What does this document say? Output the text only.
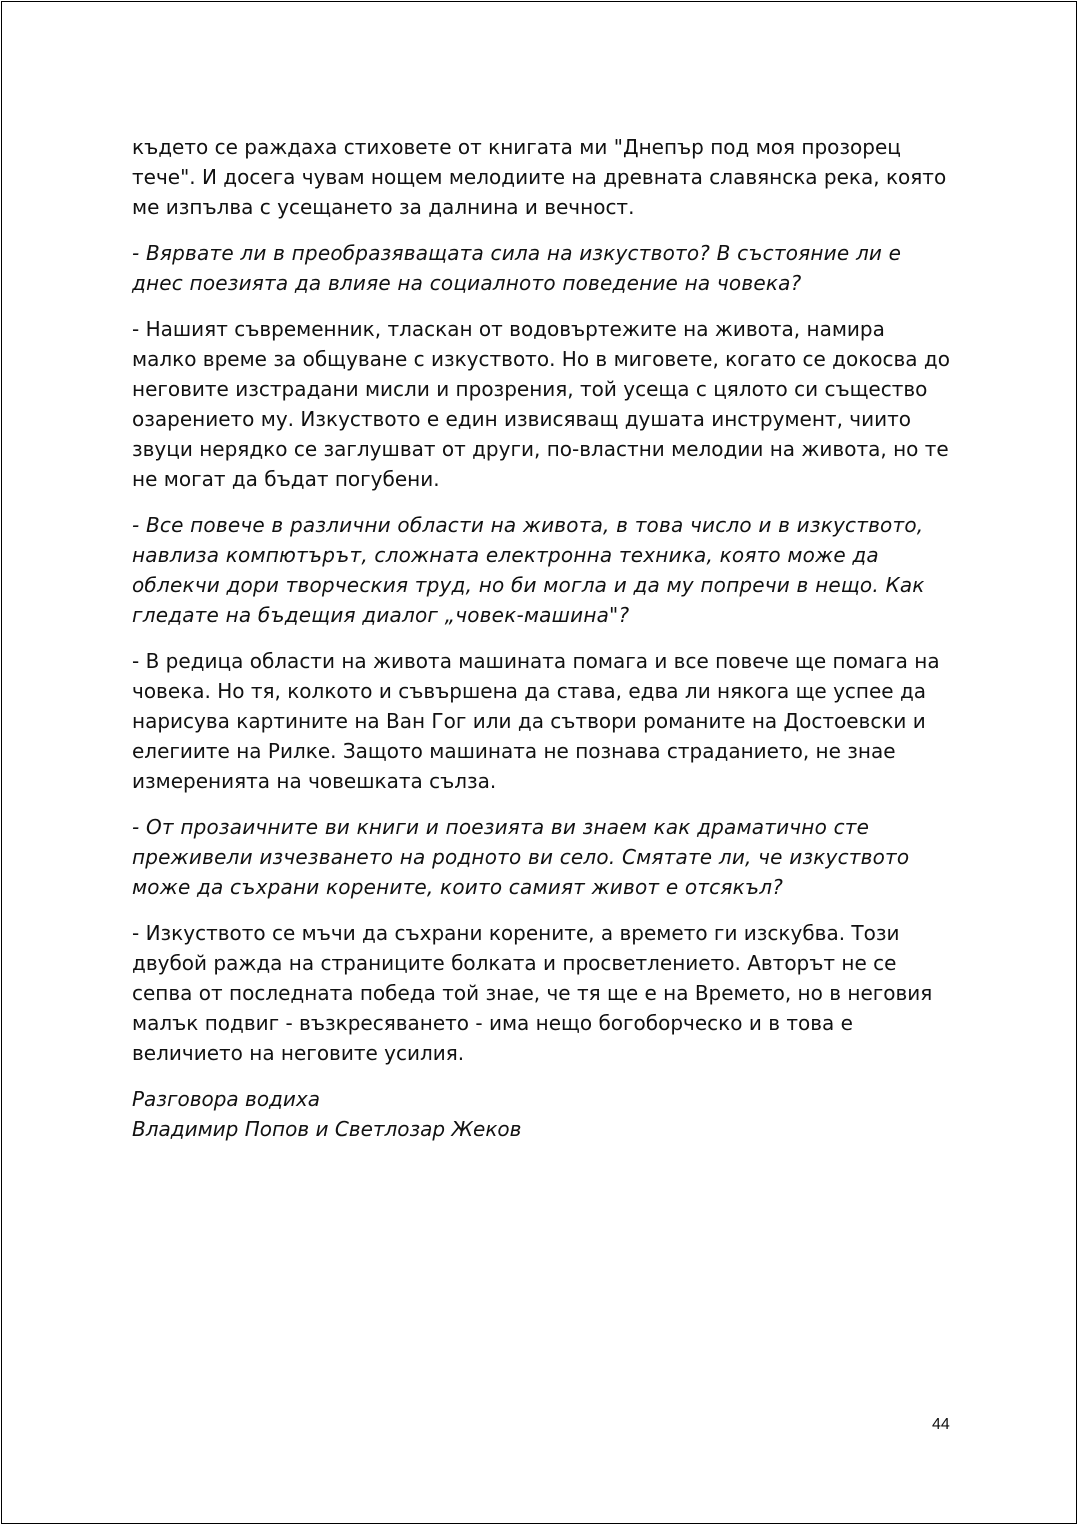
където се раждаха стиховете от книгата ми "Днепър под моя прозорец тече". И досега чувам нощем мелодиите на древната славянска река, която ме изпълва с усещането за далнина и вечност.

- Вярвате ли в преобразяващата сила на изкуството? В състояние ли е днес поезията да влияе на социалното поведение на човека?

- Нашият съвременник, тласкан от водовъртежите на живота, намира малко време за общуване с изкуството. Но в миговете, когато се докосва до неговите изстрадани мисли и прозрения, той усеща с цялото си същество озарението му. Изкуството е един извисяващ душата инструмент, чиито звуци нерядко се заглушват от други, по-властни мелодии на живота, но те не могат да бъдат погубени.

- Все повече в различни области на живота, в това число и в изкуството, навлиза компютърът, сложната електронна техника, която може да облекчи дори творческия труд, но би могла и да му попречи в нещо. Как гледате на бъдещия диалог „човек-машина"?

- В редица области на живота машината помага и все повече ще помага на човека. Но тя, колкото и съвършена да става, едва ли някога ще успее да нарисува картините на Ван Гог или да сътвори романите на Достоевски и елегиите на Рилке. Защото машината не познава страданието, не знае измеренията на човешката сълза.

- От прозаичните ви книги и поезията ви знаем как драматично сте преживели изчезването на родното ви село. Смятате ли, че изкуството може да съхрани корените, които самият живот е отсякъл?

- Изкуството се мъчи да съхрани корените, а времето ги изскубва. Този двубой ражда на страниците болката и просветлението. Авторът не се сепва от последната победа той знае, че тя ще е на Времето, но в неговия малък подвиг - възкресяването - има нещо богоборческо и в това е величието на неговите усилия.

Разговора водиха
Владимир Попов и Светлозар Жеков
44
